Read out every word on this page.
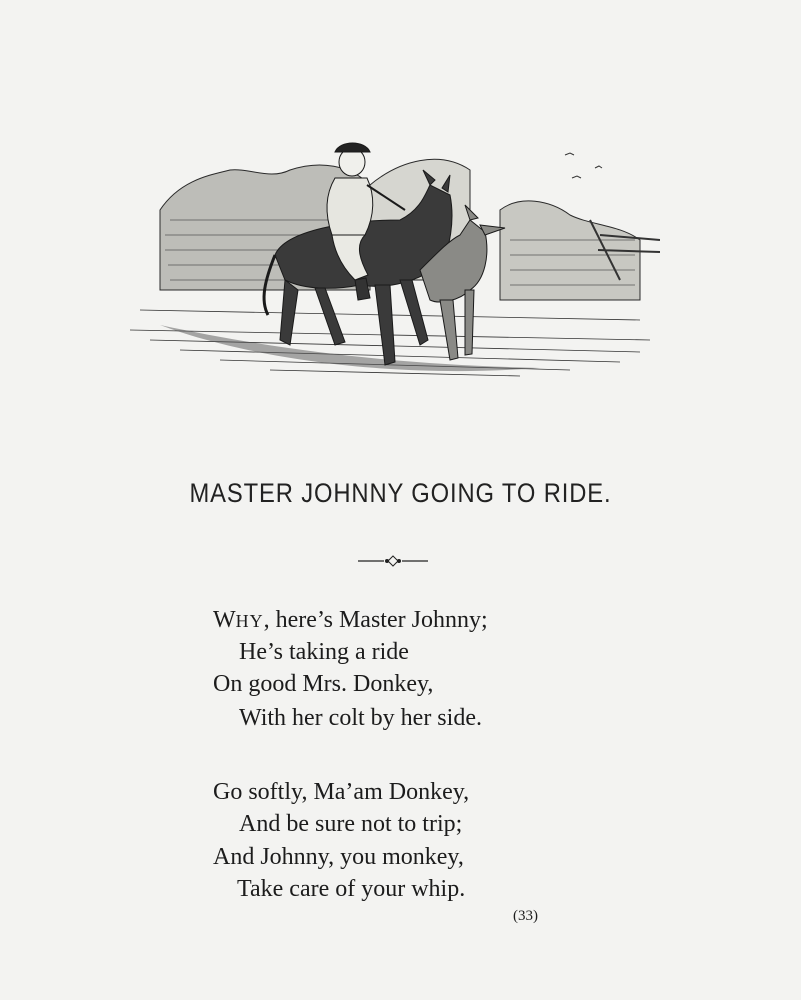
MASTER JOHNNY GOING TO RIDE.
WHY, here’s Master Johnny;
He’s taking a ride
On good Mrs. Donkey,
With her colt by her side.
Go softly, Ma’am Donkey,
And be sure not to trip;
And Johnny, you monkey,
Take care of your whip.
(33)
